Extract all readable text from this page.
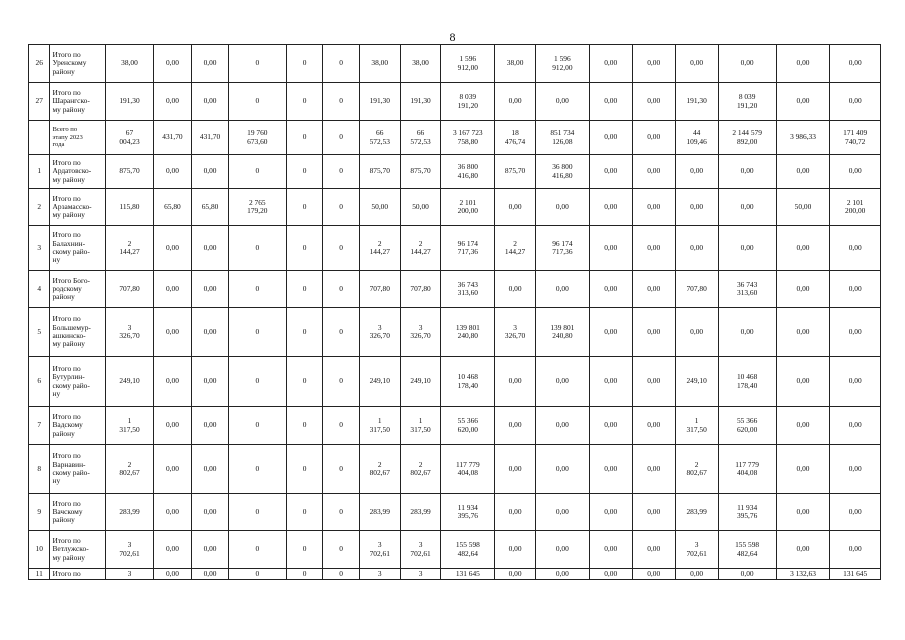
8
26	Итого по
Уренскому
району	38,00	0,00	0,00	0	0	0	38,00	38,00	1 596
912,00	38,00	1 596
912,00	0,00	0,00	0,00	0,00	0,00	0,00
27	Итого по
Шарангско-
му району	191,30	0,00	0,00	0	0	0	191,30	191,30	8 039
191,20	0,00	0,00	0,00	0,00	191,30	8 039
191,20	0,00	0,00
	Всего по
этапу 2023
года	67
004,23	431,70	431,70	19 760
673,60	0	0	66
572,53	66
572,53	3 167 723
758,80	18
476,74	851 734
126,08	0,00	0,00	44
109,46	2 144 579
892,00	3 986,33	171 409
740,72
1	Итого по
Ардатовско-
му району	875,70	0,00	0,00	0	0	0	875,70	875,70	36 800
416,80	875,70	36 800
416,80	0,00	0,00	0,00	0,00	0,00	0,00
2	Итого по
Арзамасско-
му району	115,80	65,80	65,80	2 765
179,20	0	0	50,00	50,00	2 101
200,00	0,00	0,00	0,00	0,00	0,00	0,00	50,00	2 101
200,00
3	Итого по
Балахнин-
скому райо-
ну	2
144,27	0,00	0,00	0	0	0	2
144,27	2
144,27	96 174
717,36	2
144,27	96 174
717,36	0,00	0,00	0,00	0,00	0,00	0,00
4	Итого Бого-
родскому
району	707,80	0,00	0,00	0	0	0	707,80	707,80	36 743
313,60	0,00	0,00	0,00	0,00	707,80	36 743
313,60	0,00	0,00
5	Итого по
Большемур-
ашкинско-
му району	3
326,70	0,00	0,00	0	0	0	3
326,70	3
326,70	139 801
240,80	3
326,70	139 801
240,80	0,00	0,00	0,00	0,00	0,00	0,00
6	Итого по
Бутурлин-
скому райо-
ну	249,10	0,00	0,00	0	0	0	249,10	249,10	10 468
178,40	0,00	0,00	0,00	0,00	249,10	10 468
178,40	0,00	0,00
7	Итого по
Вадскому
району	1
317,50	0,00	0,00	0	0	0	1
317,50	1
317,50	55 366
620,00	0,00	0,00	0,00	0,00	1
317,50	55 366
620,00	0,00	0,00
8	Итого по
Варнавин-
скому райо-
ну	2
802,67	0,00	0,00	0	0	0	2
802,67	2
802,67	117 779
404,08	0,00	0,00	0,00	0,00	2
802,67	117 779
404,08	0,00	0,00
9	Итого по
Вачскому
району	283,99	0,00	0,00	0	0	0	283,99	283,99	11 934
395,76	0,00	0,00	0,00	0,00	283,99	11 934
395,76	0,00	0,00
10	Итого по
Ветлужско-
му району	3
702,61	0,00	0,00	0	0	0	3
702,61	3
702,61	155 598
482,64	0,00	0,00	0,00	0,00	3
702,61	155 598
482,64	0,00	0,00
11	Итого по	3	0,00	0,00	0	0	0	3	3	131 645	0,00	0,00	0,00	0,00	0,00	0,00	3 132,63	131 645
